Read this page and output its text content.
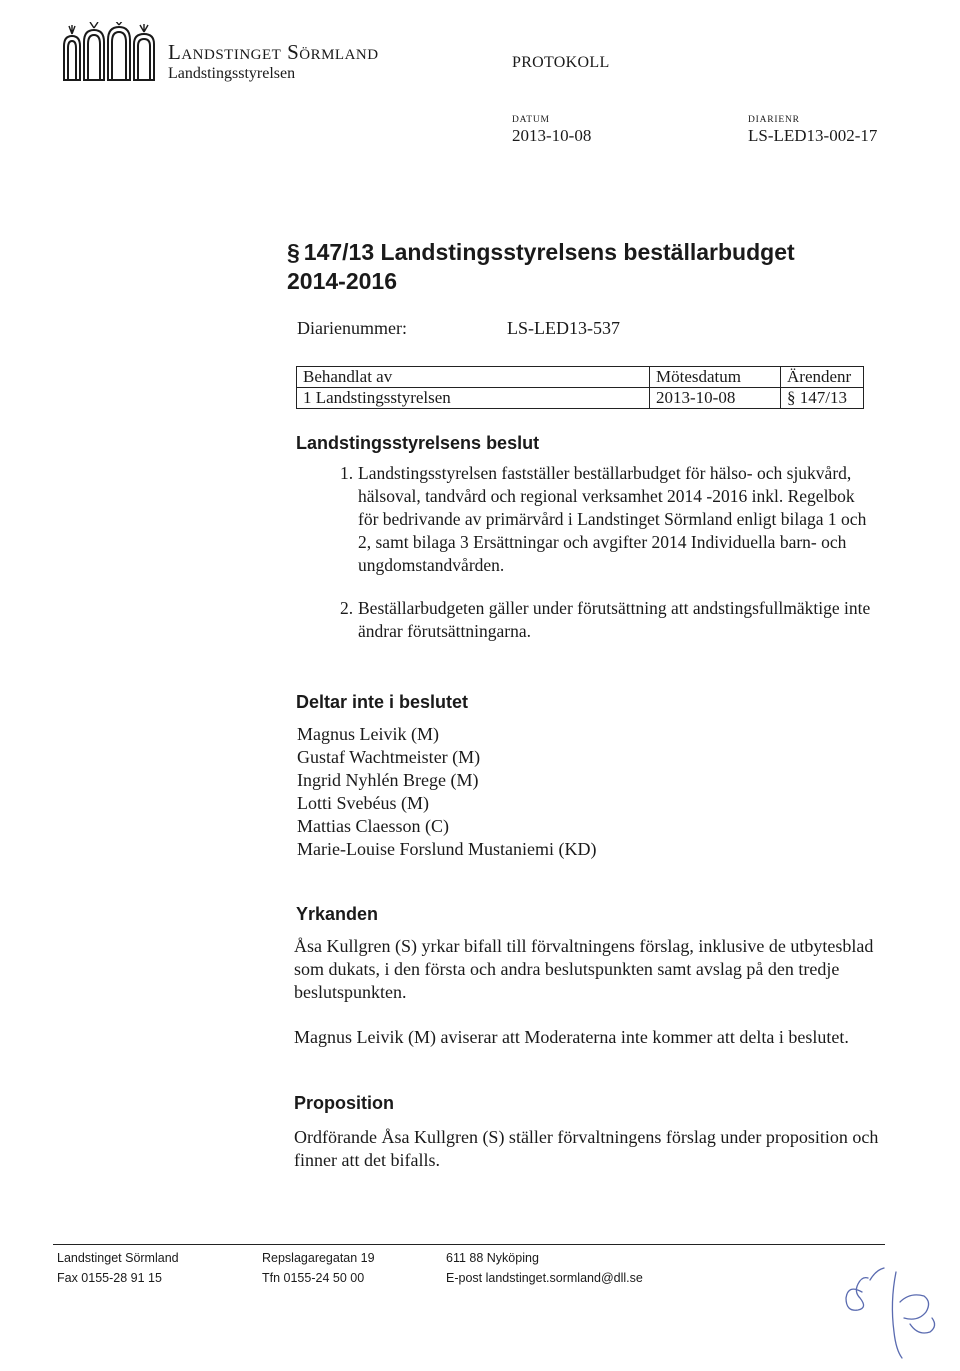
Landstinget Sörmland
Landstingsstyrelsen
PROTOKOLL
DATUM
2013-10-08
DIARIENR
LS-LED13-002-17
§ 147/13 Landstingsstyrelsens beställarbudget 2014-2016
Diarienummer:	LS-LED13-537
Behandlat av	Mötesdatum	Ärendenr
1 Landstingsstyrelsen	2013-10-08	§ 147/13
Landstingsstyrelsens beslut
1. Landstingsstyrelsen fastställer beställarbudget för hälso- och sjukvård, hälsoval, tandvård och regional verksamhet 2014 -2016 inkl. Regelbok för bedrivande av primärvård i Landstinget Sörmland enligt bilaga 1 och 2, samt bilaga 3 Ersättningar och avgifter 2014 Individuella barn- och ungdomstandvården.
2. Beställarbudgeten gäller under förutsättning att andstingsfullmäktige inte ändrar förutsättningarna.
Deltar inte i beslutet
Magnus Leivik (M)
Gustaf Wachtmeister (M)
Ingrid Nyhlén Brege (M)
Lotti Svebéus (M)
Mattias Claesson (C)
Marie-Louise Forslund Mustaniemi (KD)
Yrkanden

Åsa Kullgren (S) yrkar bifall till förvaltningens förslag, inklusive de utbytesblad som dukats, i den första och andra beslutspunkten samt avslag på den tredje beslutspunkten.

Magnus Leivik (M) aviserar att Moderaterna inte kommer att delta i beslutet.

Proposition

Ordförande Åsa Kullgren (S) ställer förvaltningens förslag under proposition och finner att det bifalls.

Landstinget Sörmland
Fax 0155-28 91 15
Repslagaregatan 19
Tfn 0155-24 50 00
611 88 Nyköping
E-post landstinget.sormland@dll.se
